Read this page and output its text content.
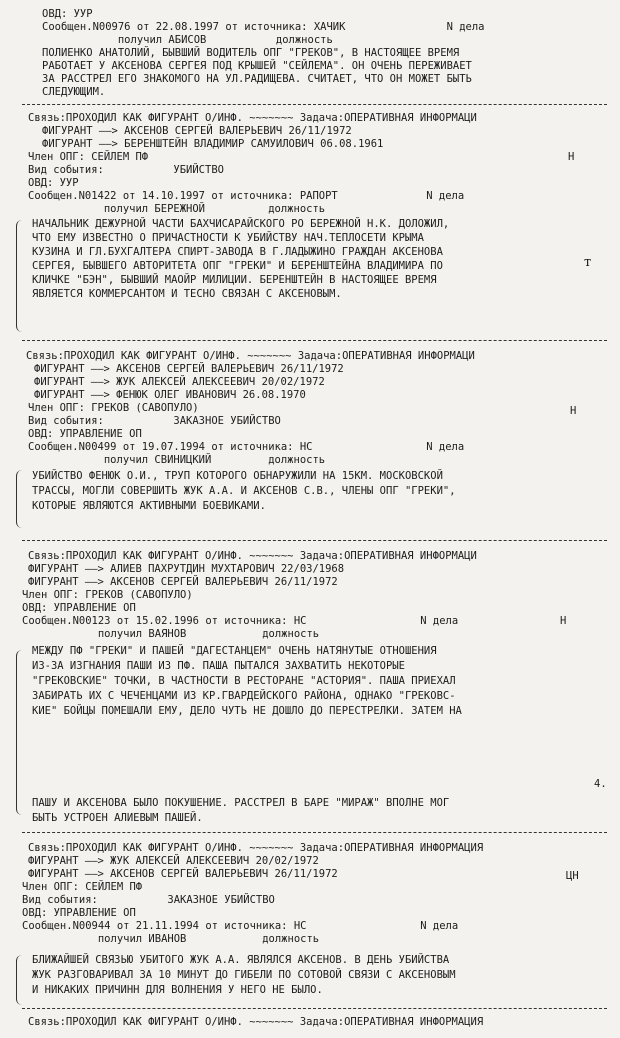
ОВД: УУР
Сообщен.N00976 от 22.08.1997 от источника: ХАЧИК                N дела
получил АБИСОВ           должность
ПОЛИЕНКО АНАТОЛИЙ, БЫВШИЙ ВОДИТЕЛЬ ОПГ "ГРЕКОВ", В НАСТОЯЩЕЕ ВРЕМЯ
РАБОТАЕТ У АКСЕНОВА СЕРГЕЯ ПОД КРЫШЕЙ "СЕЙЛЕМА". ОН ОЧЕНЬ ПЕРЕЖИВАЕТ
ЗА РАССТРЕЛ ЕГО ЗНАКОМОГО НА УЛ.РАДИЩЕВА. СЧИТАЕТ, ЧТО ОН МОЖЕТ БЫТЬ
СЛЕДУЮЩИМ.
Связь:ПРОХОДИЛ КАК ФИГУРАНТ О/ИНФ. ~~~~~~~ Задача:ОПЕРАТИВНАЯ ИНФОРМАЦИ
ФИГУРАНТ ——> АКСЕНОВ СЕРГЕЙ ВАЛЕРЬЕВИЧ 26/11/1972
ФИГУРАНТ ——> БЕРЕНШТЕЙН ВЛАДИМИР САМУИЛОВИЧ 06.08.1961
Член ОПГ: СЕЙЛЕМ ПФ
Вид события:           УБИЙСТВО
ОВД: УУР
Сообщен.N01422 от 14.10.1997 от источника: РАПОРТ              N дела
получил БЕРЕЖНОЙ          должность
НАЧАЛЬНИК ДЕЖУРНОЙ ЧАСТИ БАХЧИСАРАЙСКОГО РО БЕРЕЖНОЙ Н.К. ДОЛОЖИЛ,
ЧТО ЕМУ ИЗВЕСТНО О ПРИЧАСТНОСТИ К УБИЙСТВУ НАЧ.ТЕПЛОСЕТИ КРЫМА
КУЗИНА И ГЛ.БУХГАЛТЕРА СПИРТ-ЗАВОДА В Г.ЛАДЫЖИНО ГРАЖДАН АКСЕНОВА
СЕРГЕЯ, БЫВШЕГО АВТОРИТЕТА ОПГ "ГРЕКИ" И БЕРЕНШТЕЙНА ВЛАДИМИРА ПО
КЛИЧКЕ "БЭН", БЫВШИЙ МАОЙР МИЛИЦИИ. БЕРЕНШТЕЙН В НАСТОЯЩЕЕ ВРЕМЯ
ЯВЛЯЕТСЯ КОММЕРСАНТОМ И ТЕСНО СВЯЗАН С АКСЕНОВЫМ.
Связь:ПРОХОДИЛ КАК ФИГУРАНТ О/ИНФ. ~~~~~~~ Задача:ОПЕРАТИВНАЯ ИНФОРМАЦИ
ФИГУРАНТ ——> АКСЕНОВ СЕРГЕЙ ВАЛЕРЬЕВИЧ 26/11/1972
ФИГУРАНТ ——> ЖУК АЛЕКСЕЙ АЛЕКСЕЕВИЧ 20/02/1972
ФИГУРАНТ ——> ФЕНЮК ОЛЕГ ИВАНОВИЧ 26.08.1970
Член ОПГ: ГРЕКОВ (САВОПУЛО)
Вид события:           ЗАКАЗНОЕ УБИЙСТВО
ОВД: УПРАВЛЕНИЕ ОП
Сообщен.N00499 от 19.07.1994 от источника: НС                  N дела
получил СВИНИЦКИЙ         должность
УБИЙСТВО ФЕНЮК О.И., ТРУП КОТОРОГО ОБНАРУЖИЛИ НА 15КМ. МОСКОВСКОЙ
ТРАССЫ, МОГЛИ СОВЕРШИТЬ ЖУК А.А. И АКСЕНОВ С.В., ЧЛЕНЫ ОПГ "ГРЕКИ",
КОТОРЫЕ ЯВЛЯЮТСЯ АКТИВНЫМИ БОЕВИКАМИ.
Связь:ПРОХОДИЛ КАК ФИГУРАНТ О/ИНФ. ~~~~~~~ Задача:ОПЕРАТИВНАЯ ИНФОРМАЦИ
ФИГУРАНТ ——> АЛИЕВ ПАХРУТДИН МУХТАРОВИЧ 22/03/1968
ФИГУРАНТ ——> АКСЕНОВ СЕРГЕЙ ВАЛЕРЬЕВИЧ 26/11/1972
Член ОПГ: ГРЕКОВ (САВОПУЛО)
ОВД: УПРАВЛЕНИЕ ОП
Сообщен.N00123 от 15.02.1996 от источника: НС                  N дела
получил ВАЯНОВ            должность
МЕЖДУ ПФ "ГРЕКИ" И ПАШЕЙ "ДАГЕСТАНЦЕМ" ОЧЕНЬ НАТЯНУТЫЕ ОТНОШЕНИЯ
ИЗ-ЗА ИЗГНАНИЯ ПАШИ ИЗ ПФ. ПАША ПЫТАЛСЯ ЗАХВАТИТЬ НЕКОТОРЫЕ
"ГРЕКОВСКИЕ" ТОЧКИ, В ЧАСТНОСТИ В РЕСТОРАНЕ "АСТОРИЯ". ПАША ПРИЕХАЛ
ЗАБИРАТЬ ИХ С ЧЕЧЕНЦАМИ ИЗ КР.ГВАРДЕЙСКОГО РАЙОНА, ОДНАКО "ГРЕКОВС-
КИЕ" БОЙЦЫ ПОМЕШАЛИ ЕМУ, ДЕЛО ЧУТЬ НЕ ДОШЛО ДО ПЕРЕСТРЕЛКИ. ЗАТЕМ НА
ПАШУ И АКСЕНОВА БЫЛО ПОКУШЕНИЕ. РАССТРЕЛ В БАРЕ "МИРАЖ" ВПОЛНЕ МОГ
БЫТЬ УСТРОЕН АЛИЕВЫМ ПАШЕЙ.
Связь:ПРОХОДИЛ КАК ФИГУРАНТ О/ИНФ. ~~~~~~~ Задача:ОПЕРАТИВНАЯ ИНФОРМАЦИЯ
ФИГУРАНТ ——> ЖУК АЛЕКСЕЙ АЛЕКСЕЕВИЧ 20/02/1972
ФИГУРАНТ ——> АКСЕНОВ СЕРГЕЙ ВАЛЕРЬЕВИЧ 26/11/1972
Член ОПГ: СЕЙЛЕМ ПФ
Вид события:           ЗАКАЗНОЕ УБИЙСТВО
ОВД: УПРАВЛЕНИЕ ОП
Сообщен.N00944 от 21.11.1994 от источника: НС                  N дела
получил ИВАНОВ            должность
БЛИЖАЙШЕЙ СВЯЗЬЮ УБИТОГО ЖУК А.А. ЯВЛЯЛСЯ АКСЕНОВ. В ДЕНЬ УБИЙСТВА
ЖУК РАЗГОВАРИВАЛ ЗА 10 МИНУТ ДО ГИБЕЛИ ПО СОТОВОЙ СВЯЗИ С АКСЕНОВЫМ
И НИКАКИХ ПРИЧИНН ДЛЯ ВОЛНЕНИЯ У НЕГО НЕ БЫЛО.
Связь:ПРОХОДИЛ КАК ФИГУРАНТ О/ИНФ. ~~~~~~~ Задача:ОПЕРАТИВНАЯ ИНФОРМАЦИЯ
Н
Н
Н
ЦН
4.
т
